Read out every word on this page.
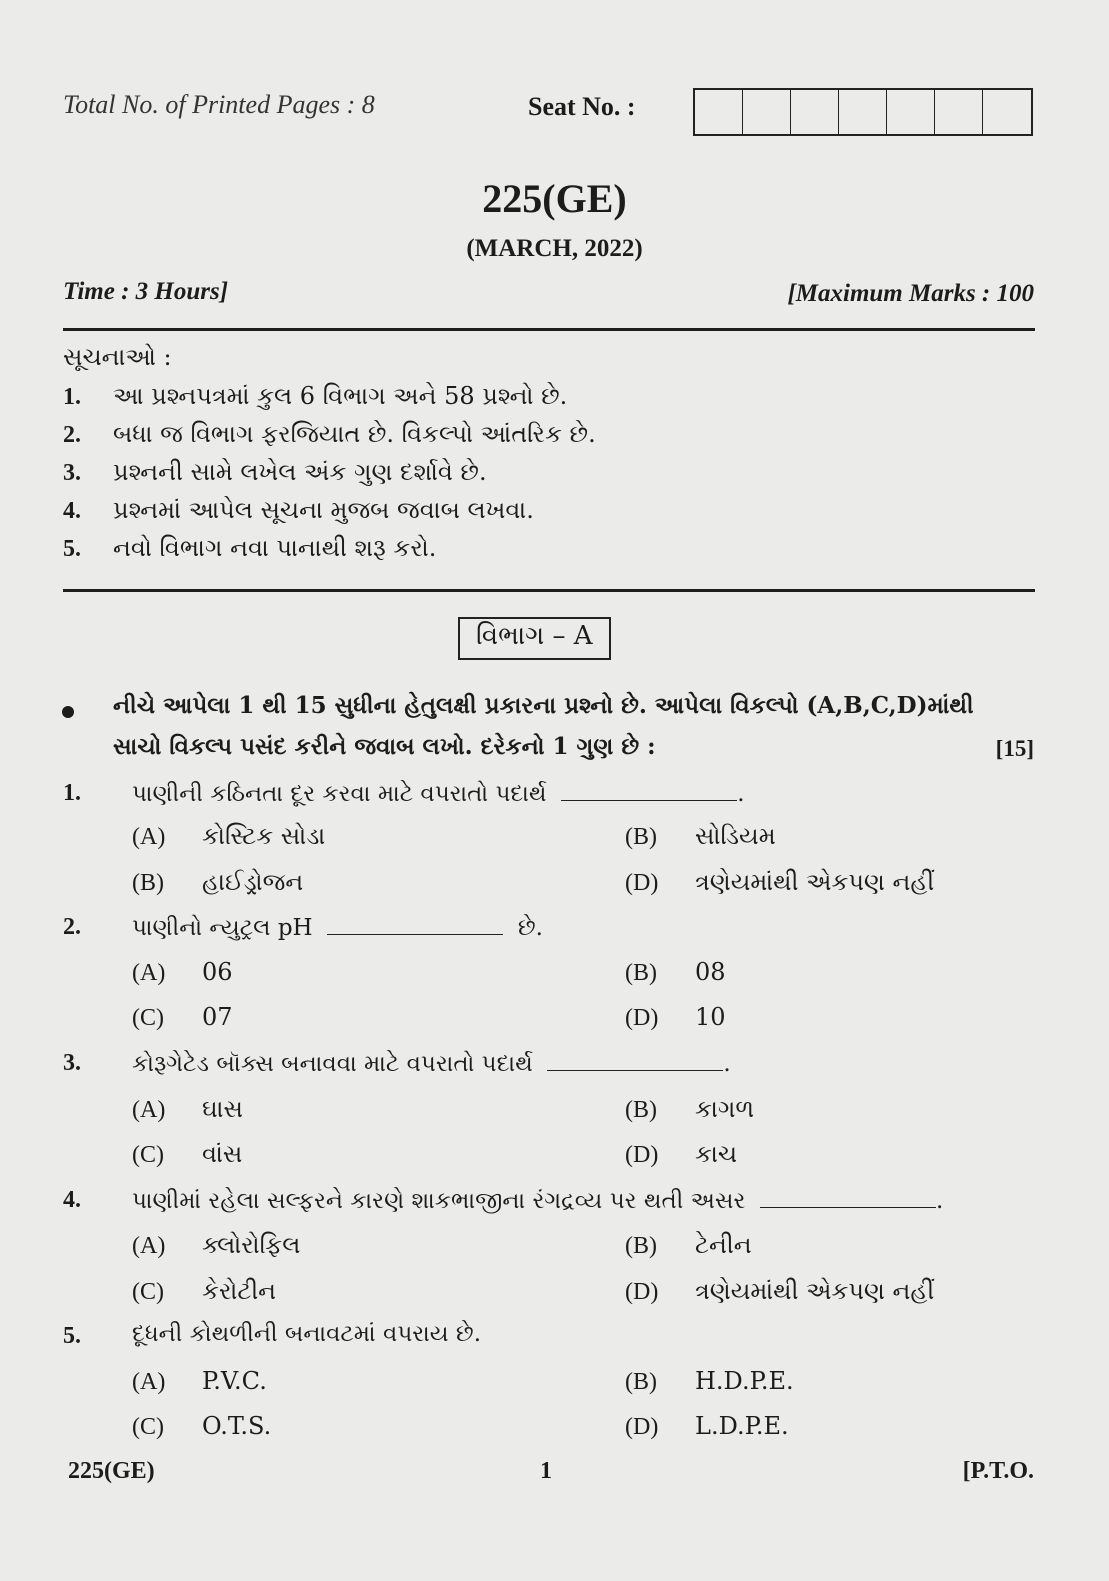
Total No. of Printed Pages : 8	Seat No. :
225(GE)
(MARCH, 2022)
Time : 3 Hours]	[Maximum Marks : 100
સૂચનાઓ :
1. આ પ્રશ્નપત્રમાં કુલ 6 વિભાગ અને 58 પ્રશ્નો છે.
2. બધા જ વિભાગ ફરજિયાત છે. વિકલ્પો આંતરિક છે.
3. પ્રશ્નની સામે લખેલ અંક ગુણ દર્શાવે છે.
4. પ્રશ્નમાં આપેલ સૂચના મુજબ જવાબ લખવા.
5. નવો વિભાગ નવા પાનાથી શરૂ કરો.
વિભાગ – A
નીચે આપેલા 1 થી 15 સુધીના હેતુલક્ષી પ્રકારના પ્રશ્નો છે. આપેલા વિકલ્પો (A,B,C,D)માંથી
સાચો વિકલ્પ પસંદ કરીને જવાબ લખો. દરેકનો 1 ગુણ છે :	[15]
1. પાણીની કઠિનતા દૂર કરવા માટે વપરાતો પદાર્થ	.
(A) કોસ્ટિક સોડા	(B) સોડિયમ
(B) હાઈડ્રોજન	(D) ત્રણેયમાંથી એકપણ નહીં
2. પાણીનો ન્યુટ્રલ pH	છે.
(A) 06	(B) 08
(C) 07	(D) 10
3. કોરૂગેટેડ બૉક્સ બનાવવા માટે વપરાતો પદાર્થ	.
(A) ઘાસ	(B) કાગળ
(C) વાંસ	(D) કાચ
4. પાણીમાં રહેલા સલ્ફરને કારણે શાકભાજીના રંગદ્રવ્ય પર થતી અસર	.
(A) ક્લોરોફિલ	(B) ટેનીન
(C) કેરોટીન	(D) ત્રણેયમાંથી એકપણ નહીં
5. દૂધની કોથળીની બનાવટમાં વપરાય છે.
(A) P.V.C.	(B) H.D.P.E.
(C) O.T.S.	(D) L.D.P.E.
225(GE)	1	[P.T.O.
